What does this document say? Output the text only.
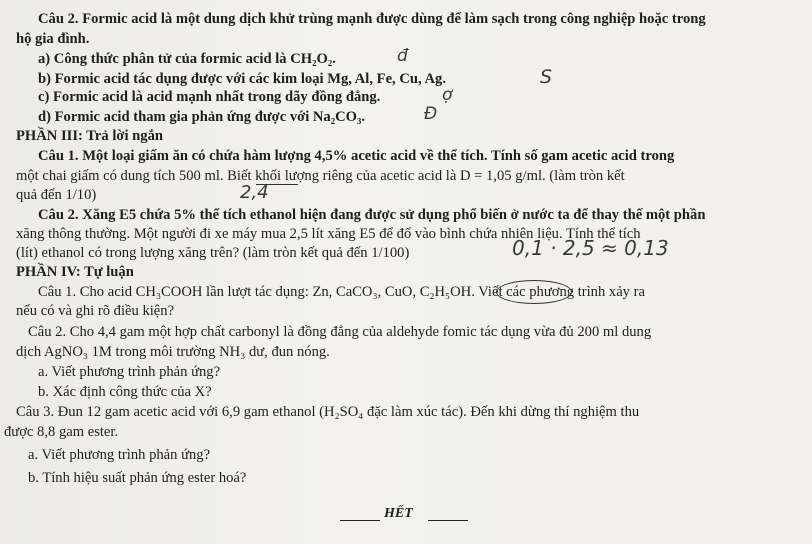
Câu 2. Formic acid là một dung dịch khử trùng mạnh được dùng để làm sạch trong công nghiệp hoặc trong
hộ gia đình.
a) Công thức phân tử của formic acid là CH₂O₂.
b) Formic acid tác dụng được với các kim loại Mg, Al, Fe, Cu, Ag.
c) Formic acid là acid mạnh nhất trong dãy đồng đẳng.
d) Formic acid tham gia phản ứng được với Na₂CO₃.
đ
S
ợ
Đ
PHẦN III: Trả lời ngắn
Câu 1. Một loại giấm ăn có chứa hàm lượng 4,5% acetic acid về thể tích. Tính số gam acetic acid trong
một chai giấm có dung tích 500 ml. Biết khối lượng riêng của acetic acid là D = 1,05 g/ml. (làm tròn kết
quả đến 1/10)	2,4
Câu 2. Xăng E5 chứa 5% thể tích ethanol hiện đang được sử dụng phổ biến ở nước ta để thay thế một phần
xăng thông thường. Một người đi xe máy mua 2,5 lít xăng E5 để đổ vào bình chứa nhiên liệu. Tính thể tích
(lít) ethanol có trong lượng xăng trên? (làm tròn kết quả đến 1/100)	0,1 · 2,5 ≈ 0,13
PHẦN IV: Tự luận
Câu 1. Cho acid CH₃COOH lần lượt tác dụng: Zn, CaCO₃, CuO, C₂H₅OH. Viết các phương trình xảy ra
nếu có và ghi rõ điều kiện?
Câu 2. Cho 4,4 gam một hợp chất carbonyl là đồng đẳng của aldehyde fomic tác dụng vừa đủ 200 ml dung
dịch AgNO₃ 1M trong môi trường NH₃ dư, đun nóng.
a. Viết phương trình phản ứng?
b. Xác định công thức của X?
Câu 3. Đun 12 gam acetic acid với 6,9 gam ethanol (H₂SO₄ đặc làm xúc tác). Đến khi dừng thí nghiệm thu
được 8,8 gam ester.
a. Viết phương trình phản ứng?
b. Tính hiệu suất phản ứng ester hoá?
HẾT
